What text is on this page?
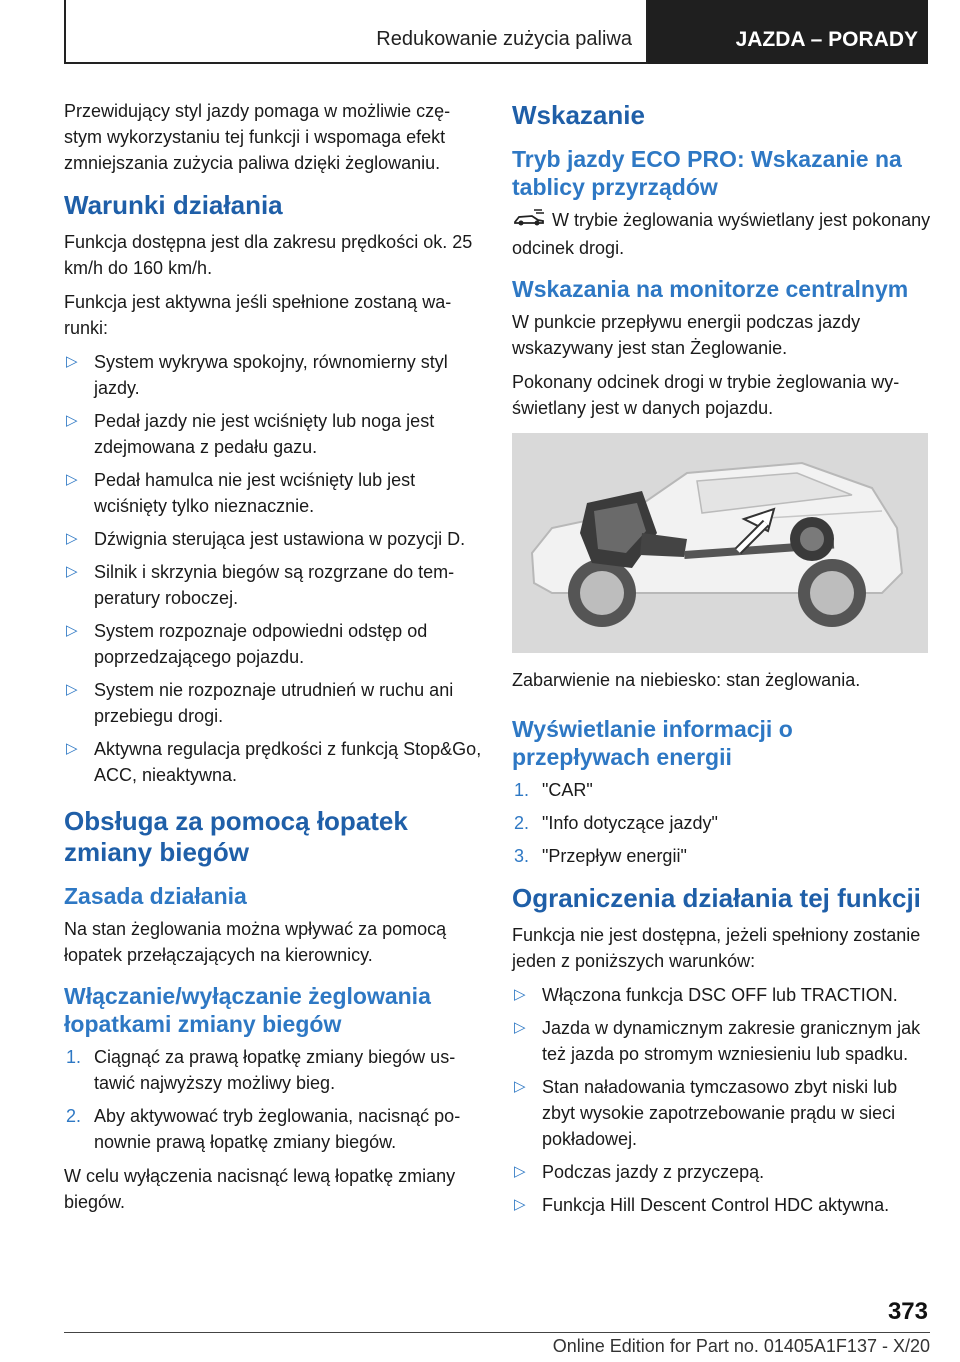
Redukowanie zużycia paliwa	JAZDA – PORADY

Przewidujący styl jazdy pomaga w możliwie częstym wykorzystaniu tej funkcji i wspomaga efekt zmniejszania zużycia paliwa dzięki żeglowaniu.

Warunki działania

Funkcja dostępna jest dla zakresu prędkości ok. 25 km/h do 160 km/h.

Funkcja jest aktywna jeśli spełnione zostaną warunki:

▷ System wykrywa spokojny, równomierny styl jazdy.
▷ Pedał jazdy nie jest wciśnięty lub noga jest zdejmowana z pedału gazu.
▷ Pedał hamulca nie jest wciśnięty lub jest wciśnięty tylko nieznacznie.
▷ Dźwignia sterująca jest ustawiona w pozycji D.
▷ Silnik i skrzynia biegów są rozgrzane do temperatury roboczej.
▷ System rozpoznaje odpowiedni odstęp od poprzedzającego pojazdu.
▷ System nie rozpoznaje utrudnień w ruchu ani przebiegu drogi.
▷ Aktywna regulacja prędkości z funkcją Stop&Go, ACC, nieaktywna.
Obsługa za pomocą łopatek zmiany biegów
Zasada działania

Na stan żeglowania można wpływać za pomocą łopatek przełączających na kierownicy.

Włączanie/wyłączanie żeglowania łopatkami zmiany biegów
1. Ciągnąć za prawą łopatkę zmiany biegów ustawić najwyższy możliwy bieg.
2. Aby aktywować tryb żeglowania, nacisnąć ponownie prawą łopatkę zmiany biegów.

W celu wyłączenia nacisnąć lewą łopatkę zmiany biegów.

Wskazanie
Tryb jazdy ECO PRO: Wskazanie na tablicy przyrządów

W trybie żeglowania wyświetlany jest pokonany odcinek drogi.

Wskazania na monitorze centralnym

W punkcie przepływu energii podczas jazdy wskazywany jest stan Żeglowanie.

Pokonany odcinek drogi w trybie żeglowania wyświetlany jest w danych pojazdu.

Zabarwienie na niebiesko: stan żeglowania.

Wyświetlanie informacji o przepływach energii
1. "CAR"
2. "Info dotyczące jazdy"
3. "Przepływ energii"
Ograniczenia działania tej funkcji

Funkcja nie jest dostępna, jeżeli spełniony zostanie jeden z poniższych warunków:

▷ Włączona funkcja DSC OFF lub TRACTION.
▷ Jazda w dynamicznym zakresie granicznym jak też jazda po stromym wzniesieniu lub spadku.
▷ Stan naładowania tymczasowo zbyt niski lub zbyt wysokie zapotrzebowanie prądu w sieci pokładowej.
▷ Podczas jazdy z przyczepą.
▷ Funkcja Hill Descent Control HDC aktywna.
373
Online Edition for Part no. 01405A1F137 - X/20
